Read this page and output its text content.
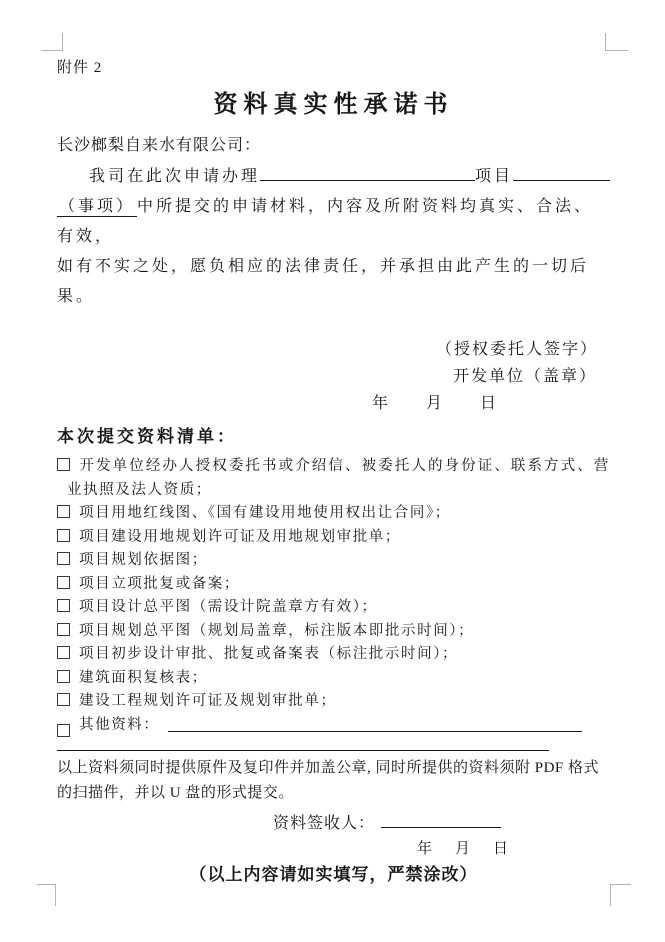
附件 2
资料真实性承诺书
长沙榔梨自来水有限公司：
我司在此次申请办理	项目
（事项） 中所提交的申请材料，内容及所附资料均真实、合法、有效，
如有不实之处，愿负相应的法律责任，并承担由此产生的一切后果。
（授权委托人签字）
开发单位（盖章）
年　　月　　日
本次提交资料清单：
开发单位经办人授权委托书或介绍信、被委托人的身份证、联系方式、营业执照及法人资质；
项目用地红线图、《国有建设用地使用权出让合同》；
项目建设用地规划许可证及用地规划审批单；
项目规划依据图；
项目立项批复或备案；
项目设计总平图（需设计院盖章方有效）；
项目规划总平图（规划局盖章，标注版本即批示时间）；
项目初步设计审批、批复或备案表（标注批示时间）；
建筑面积复核表；
建设工程规划许可证及规划审批单；
其他资料：
以上资料须同时提供原件及复印件并加盖公章, 同时所提供的资料须附 PDF 格式
的扫描件，并以 U 盘的形式提交。
资料签收人：
年　月　日
（以上内容请如实填写，严禁涂改）
